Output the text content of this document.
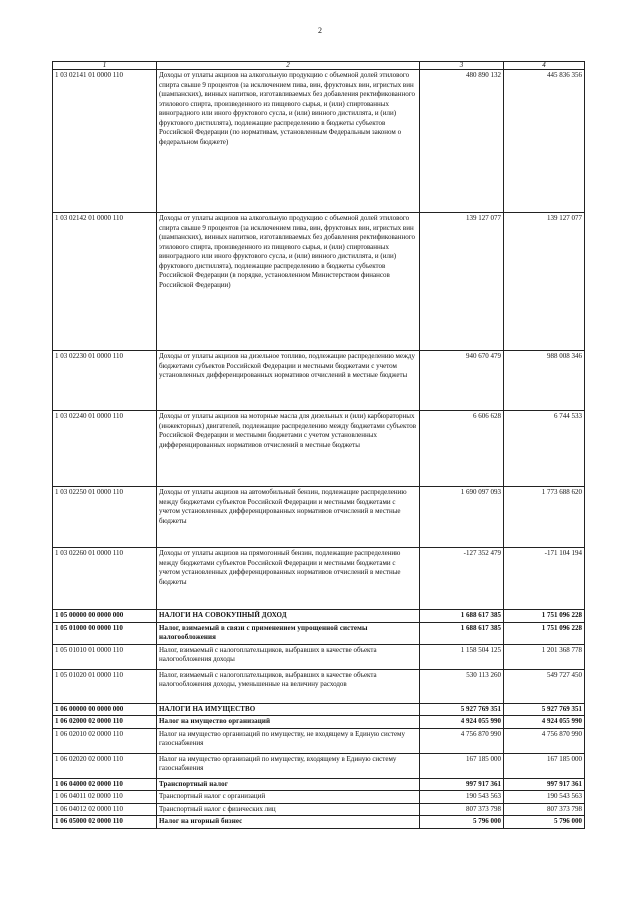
2
1	2	3	4
1 03 02141 01 0000 110	Доходы от уплаты акцизов на алкогольную продукцию с объемной долей этилового спирта свыше 9 процентов (за исключением пива, вин, фруктовых вин, игристых вин (шампанских), винных напитков, изготавливаемых без добавления ректификованного этилового спирта, произведенного из пищевого сырья, и (или) спиртованных виноградного или иного фруктового сусла, и (или) винного дистиллята, и (или) фруктового дистиллята), подлежащие распределению в бюджеты субъектов Российской Федерации (по нормативам, установленным Федеральным законом о федеральном бюджете)	480 890 132	445 836 356
1 03 02142 01 0000 110	Доходы от уплаты акцизов на алкогольную продукцию с объемной долей этилового спирта свыше 9 процентов (за исключением пива, вин, фруктовых вин, игристых вин (шампанских), винных напитков, изготавливаемых без добавления ректификованного этилового спирта, произведенного из пищевого сырья, и (или) спиртованных виноградного или иного фруктового сусла, и (или) винного дистиллята, и (или) фруктового дистиллята), подлежащие распределению в бюджеты субъектов Российской Федерации (в порядке, установленном Министерством финансов Российской Федерации)	139 127 077	139 127 077
1 03 02230 01 0000 110	Доходы от уплаты акцизов на дизельное топливо, подлежащие распределению между бюджетами субъектов Российской Федерации и местными бюджетами с учетом установленных дифференцированных нормативов отчислений в местные бюджеты	940 670 479	988 008 346
1 03 02240 01 0000 110	Доходы от уплаты акцизов на моторные масла для дизельных и (или) карбюраторных (инжекторных) двигателей, подлежащие распределению между бюджетами субъектов Российской Федерации и местными бюджетами с учетом установленных дифференцированных нормативов отчислений в местные бюджеты	6 606 628	6 744 533
1 03 02250 01 0000 110	Доходы от уплаты акцизов на автомобильный бензин, подлежащие распределению между бюджетами субъектов Российской Федерации и местными бюджетами с учетом установленных дифференцированных нормативов отчислений в местные бюджеты	1 690 097 093	1 773 688 620
1 03 02260 01 0000 110	Доходы от уплаты акцизов на прямогонный бензин, подлежащие распределению между бюджетами субъектов Российской Федерации и местными бюджетами с учетом установленных дифференцированных нормативов отчислений в местные бюджеты	-127 352 479	-171 104 194
1 05 00000 00 0000 000	НАЛОГИ НА СОВОКУПНЫЙ ДОХОД	1 688 617 385	1 751 096 228
1 05 01000 00 0000 110	Налог, взимаемый в связи с применением упрощенной системы налогообложения	1 688 617 385	1 751 096 228
1 05 01010 01 0000 110	Налог, взимаемый с налогоплательщиков, выбравших в качестве объекта налогообложения доходы	1 158 504 125	1 201 368 778
1 05 01020 01 0000 110	Налог, взимаемый с налогоплательщиков, выбравших в качестве объекта налогообложения доходы, уменьшенные на величину расходов	530 113 260	549 727 450
1 06 00000 00 0000 000	НАЛОГИ НА ИМУЩЕСТВО	5 927 769 351	5 927 769 351
1 06 02000 02 0000 110	Налог на имущество организаций	4 924 055 990	4 924 055 990
1 06 02010 02 0000 110	Налог на имущество организаций по имуществу, не входящему в Единую систему газоснабжения	4 756 870 990	4 756 870 990
1 06 02020 02 0000 110	Налог на имущество организаций по имуществу, входящему в Единую систему газоснабжения	167 185 000	167 185 000
1 06 04000 02 0000 110	Транспортный налог	997 917 361	997 917 361
1 06 04011 02 0000 110	Транспортный налог с организаций	190 543 563	190 543 563
1 06 04012 02 0000 110	Транспортный налог с физических лиц	807 373 798	807 373 798
1 06 05000 02 0000 110	Налог на игорный бизнес	5 796 000	5 796 000
